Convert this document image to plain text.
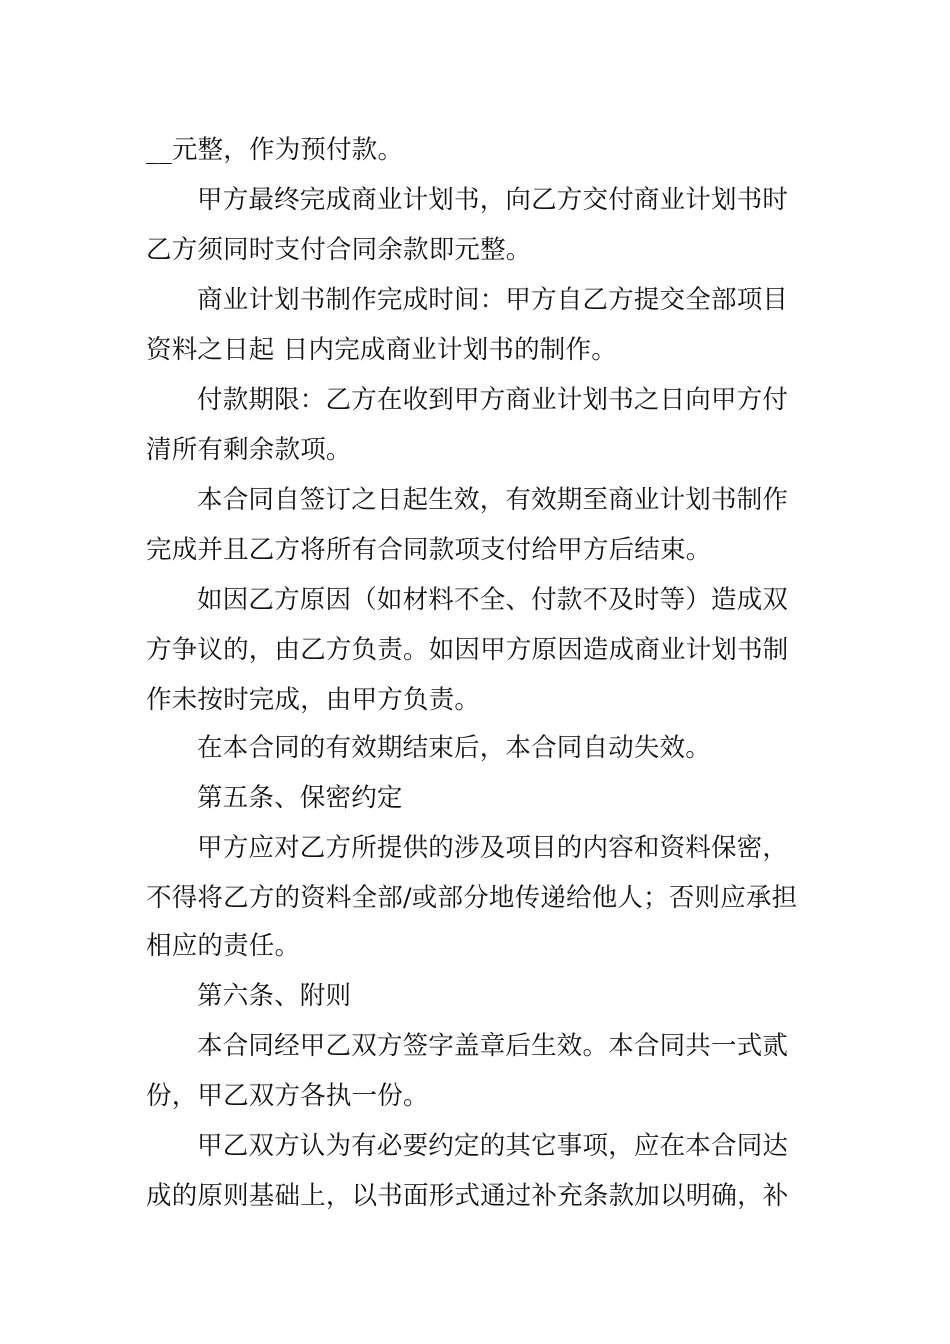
__元整，作为预付款。
甲方最终完成商业计划书，向乙方交付商业计划书时
乙方须同时支付合同余款即元整。
商业计划书制作完成时间：甲方自乙方提交全部项目
资料之日起 日内完成商业计划书的制作。
付款期限：乙方在收到甲方商业计划书之日向甲方付
清所有剩余款项。
本合同自签订之日起生效，有效期至商业计划书制作
完成并且乙方将所有合同款项支付给甲方后结束。
如因乙方原因（如材料不全、付款不及时等）造成双
方争议的，由乙方负责。如因甲方原因造成商业计划书制
作未按时完成，由甲方负责。
在本合同的有效期结束后，本合同自动失效。
第五条、保密约定
甲方应对乙方所提供的涉及项目的内容和资料保密，
不得将乙方的资料全部/或部分地传递给他人；否则应承担
相应的责任。
第六条、附则
本合同经甲乙双方签字盖章后生效。本合同共一式贰
份，甲乙双方各执一份。
甲乙双方认为有必要约定的其它事项，应在本合同达
成的原则基础上，以书面形式通过补充条款加以明确，补
